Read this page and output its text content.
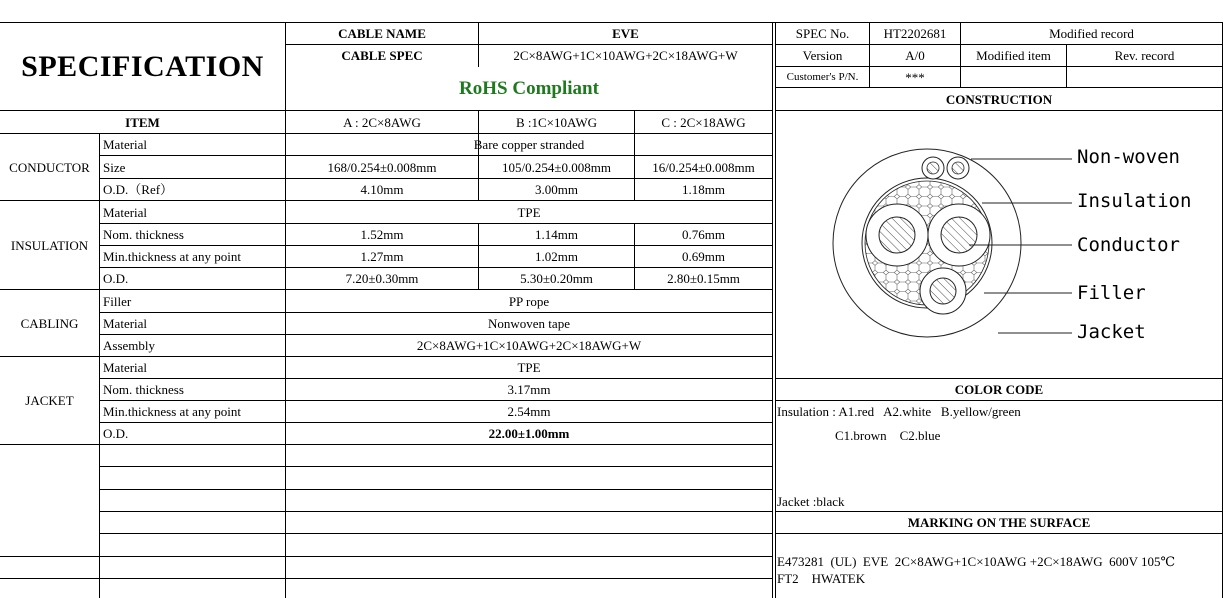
SPECIFICATION
CABLE NAME	EVE
CABLE SPEC	2C×8AWG+1C×10AWG+2C×18AWG+W
RoHS Compliant
SPEC No.	HT2202681	Modified record
Version	A/0	Modified item	Rev. record
Customer's P/N.	***
CONSTRUCTION
ITEM	A : 2C×8AWG	B :1C×10AWG	C : 2C×18AWG
CONDUCTOR
Material	Bare copper stranded
Size	168/0.254±0.008mm	105/0.254±0.008mm	16/0.254±0.008mm
O.D.（Ref）	4.10mm	3.00mm	1.18mm
INSULATION
Material	TPE
Nom. thickness	1.52mm	1.14mm	0.76mm
Min.thickness at any point	1.27mm	1.02mm	0.69mm
O.D.	7.20±0.30mm	5.30±0.20mm	2.80±0.15mm
CABLING
Filler	PP rope
Material	Nonwoven tape
Assembly	2C×8AWG+1C×10AWG+2C×18AWG+W
JACKET
Material	TPE
Nom. thickness	3.17mm
Min.thickness at any point	2.54mm
O.D.	22.00±1.00mm
Non-woven
Insulation
Conductor
Filler
Jacket
COLOR CODE
Insulation : A1.red   A2.white   B.yellow/green
C1.brown    C2.blue
Jacket :black
MARKING ON THE SURFACE
E473281  (UL)  EVE  2C×8AWG+1C×10AWG +2C×18AWG  600V 105℃
FT2    HWATEK
